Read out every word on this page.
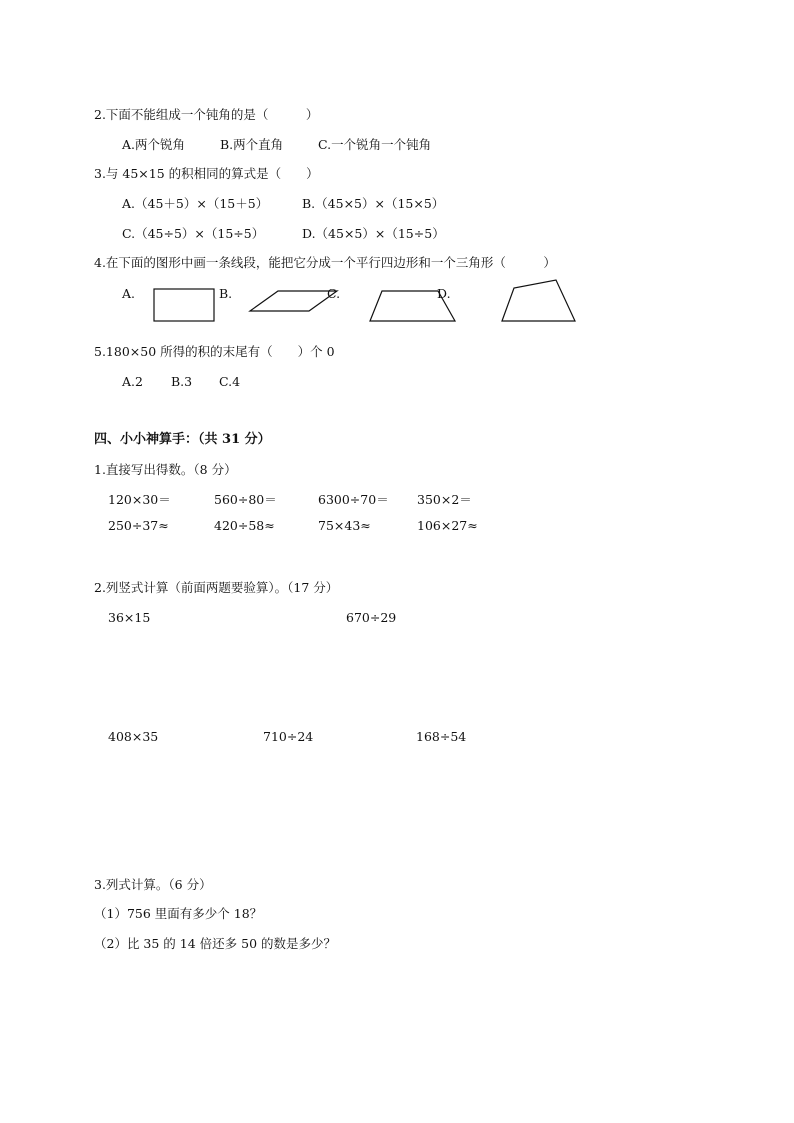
2.下面不能组成一个钝角的是（　　　）
A.两个锐角	B.两个直角	C.一个锐角一个钝角
3.与 45×15 的积相同的算式是（　　）
A.（45＋5）×（15＋5）	B.（45×5）×（15×5）
C.（45÷5）×（15÷5）	D.（45×5）×（15÷5）
4.在下面的图形中画一条线段，能把它分成一个平行四边形和一个三角形（　　　）
A.	B.	C.	D.
5.180×50 所得的积的末尾有（　　）个 0
A.2 B.3 C.4
四、小小神算手：（共 31 分）
1.直接写出得数。（8 分）
120×30＝	560÷80＝	6300÷70＝ 350×2＝
250÷37≈	420÷58≈	75×43≈	106×27≈
2.列竖式计算（前面两题要验算）。（17 分）
36×15	670÷29
408×35	710÷24	168÷54
3.列式计算。（6 分）
（1）756 里面有多少个 18？
（2）比 35 的 14 倍还多 50 的数是多少？
